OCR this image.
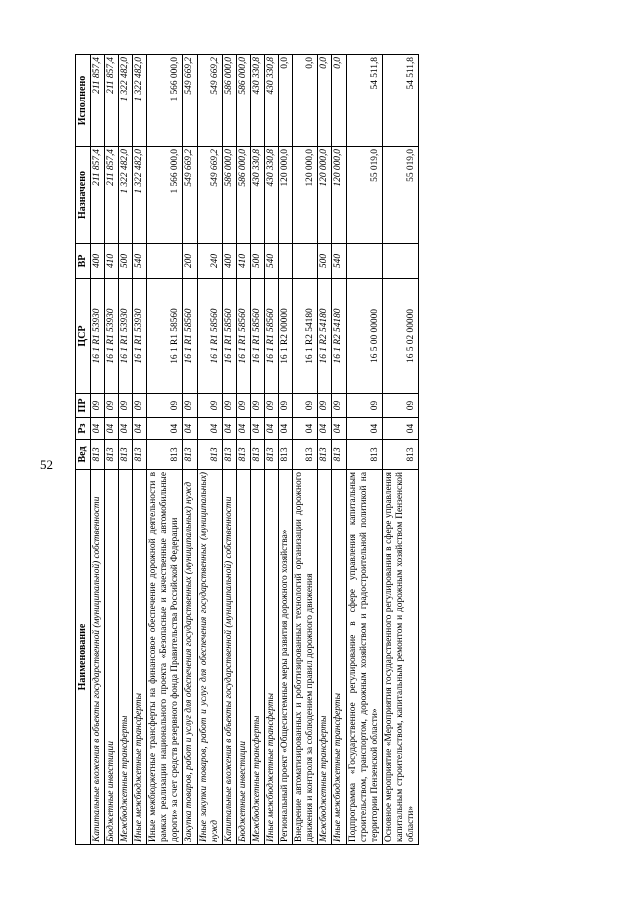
52
Наименование	Вед	Рз	ПР	ЦСР	ВР	Назначено	Исполнено
Капитальные вложения в объекты государственной (муниципальной) собственности	813	04	09	16 1 R1 53930	400	211 857,4	211 857,4
Бюджетные инвестиции	813	04	09	16 1 R1 53930	410	211 857,4	211 857,4
Межбюджетные трансферты	813	04	09	16 1 R1 53930	500	1 322 482,0	1 322 482,0
Иные межбюджетные трансферты	813	04	09	16 1 R1 53930	540	1 322 482,0	1 322 482,0
Иные межбюджетные трансферты на финансовое обеспечение дорожной деятельности в рамках реализации национального проекта «Безопасные и качественные автомобильные дороги» за счет средств резервного фонда Правительства Российской Федерации	813	04	09	16 1 R1 58560		1 566 000,0	1 566 000,0
Закупка товаров, работ и услуг для обеспечения государственных (муниципальных) нужд	813	04	09	16 1 R1 58560	200	549 669,2	549 669,2
Иные закупки товаров, работ и услуг для обеспечения государственных (муниципальных) нужд	813	04	09	16 1 R1 58560	240	549 669,2	549 669,2
Капитальные вложения в объекты государственной (муниципальной) собственности	813	04	09	16 1 R1 58560	400	586 000,0	586 000,0
Бюджетные инвестиции	813	04	09	16 1 R1 58560	410	586 000,0	586 000,0
Межбюджетные трансферты	813	04	09	16 1 R1 58560	500	430 330,8	430 330,8
Иные межбюджетные трансферты	813	04	09	16 1 R1 58560	540	430 330,8	430 330,8
Региональный проект «Общесистемные меры развития дорожного хозяйства»	813	04	09	16 1 R2 00000		120 000,0	0,0
Внедрение автоматизированных и роботизированных технологий организации дорожного движения и контроля за соблюдением правил дорожного движения	813	04	09	16 1 R2 54180		120 000,0	0,0
Межбюджетные трансферты	813	04	09	16 1 R2 54180	500	120 000,0	0,0
Иные межбюджетные трансферты	813	04	09	16 1 R2 54180	540	120 000,0	0,0
Подпрограмма «Государственное регулирование в сфере управления капитальным строительством, транспортом, дорожным хозяйством и градостроительной политикой на территории Пензенской области»	813	04	09	16 5 00 00000		55 019,0	54 511,8
Основное мероприятие «Мероприятия государственного регулирования в сфере управления капитальным строительством, капитальным ремонтом и дорожным хозяйством Пензенской области»	813	04	09	16 5 02 00000		55 019,0	54 511,8
